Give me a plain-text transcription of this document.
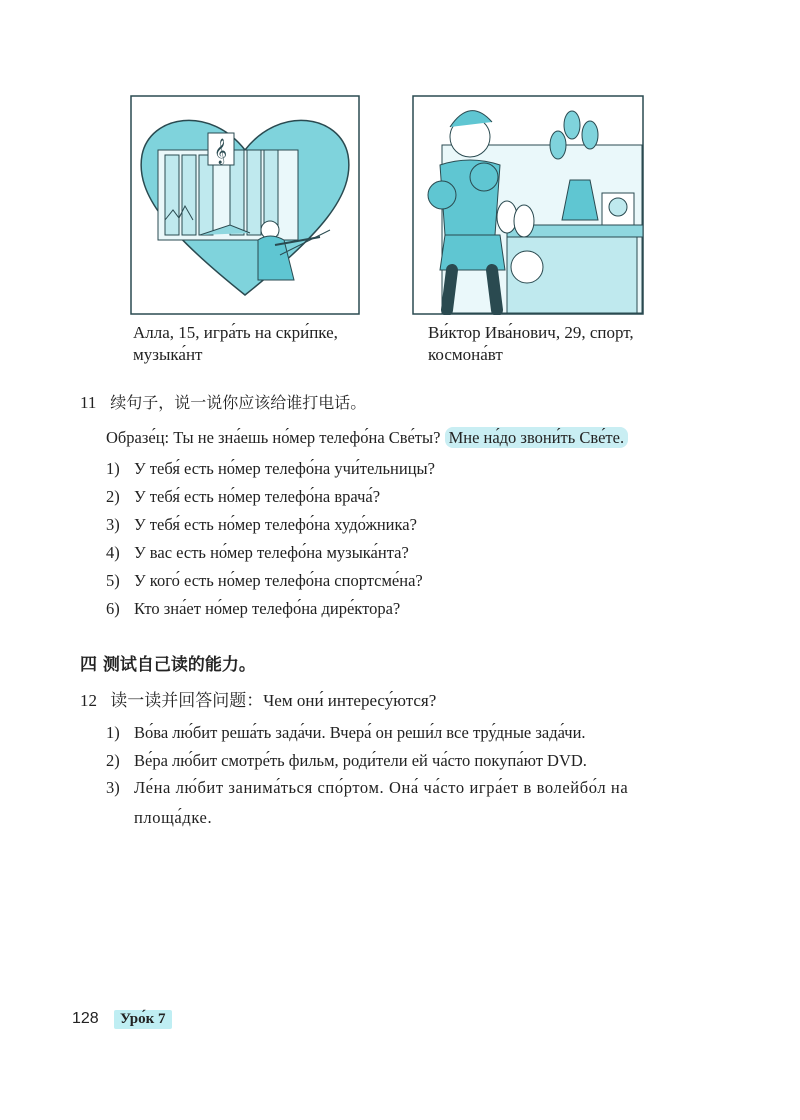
𝄞
Алла, 15, игра́ть на скри́пке,
музыка́нт
Ви́ктор Ива́нович, 29, спорт,
космона́вт
11 续句子，说一说你应该给谁打电话。
Образе́ц: Ты не зна́ешь но́мер телефо́на Све́ты? Мне на́до звони́ть Све́те.
1) У тебя́ есть но́мер телефо́на учи́тельницы?
2) У тебя́ есть но́мер телефо́на врача́?
3) У тебя́ есть но́мер телефо́на худо́жника?
4) У вас есть но́мер телефо́на музыка́нта?
5) У кого́ есть но́мер телефо́на спортсме́на?
6) Кто зна́ет но́мер телефо́на дире́ктора?
四 测试自己读的能力。
12 读一读并回答问题：Чем они́ интересу́ются?
1) Во́ва лю́бит реша́ть зада́чи. Вчера́ он реши́л все тру́дные зада́чи.
2) Ве́ра лю́бит смотре́ть фильм, роди́тели ей ча́сто покупа́ют DVD.
3) Ле́на лю́бит занима́ться спо́ртом. Она́ ча́сто игра́ет в волейбо́л на площа́дке.
128	Уро́к 7
